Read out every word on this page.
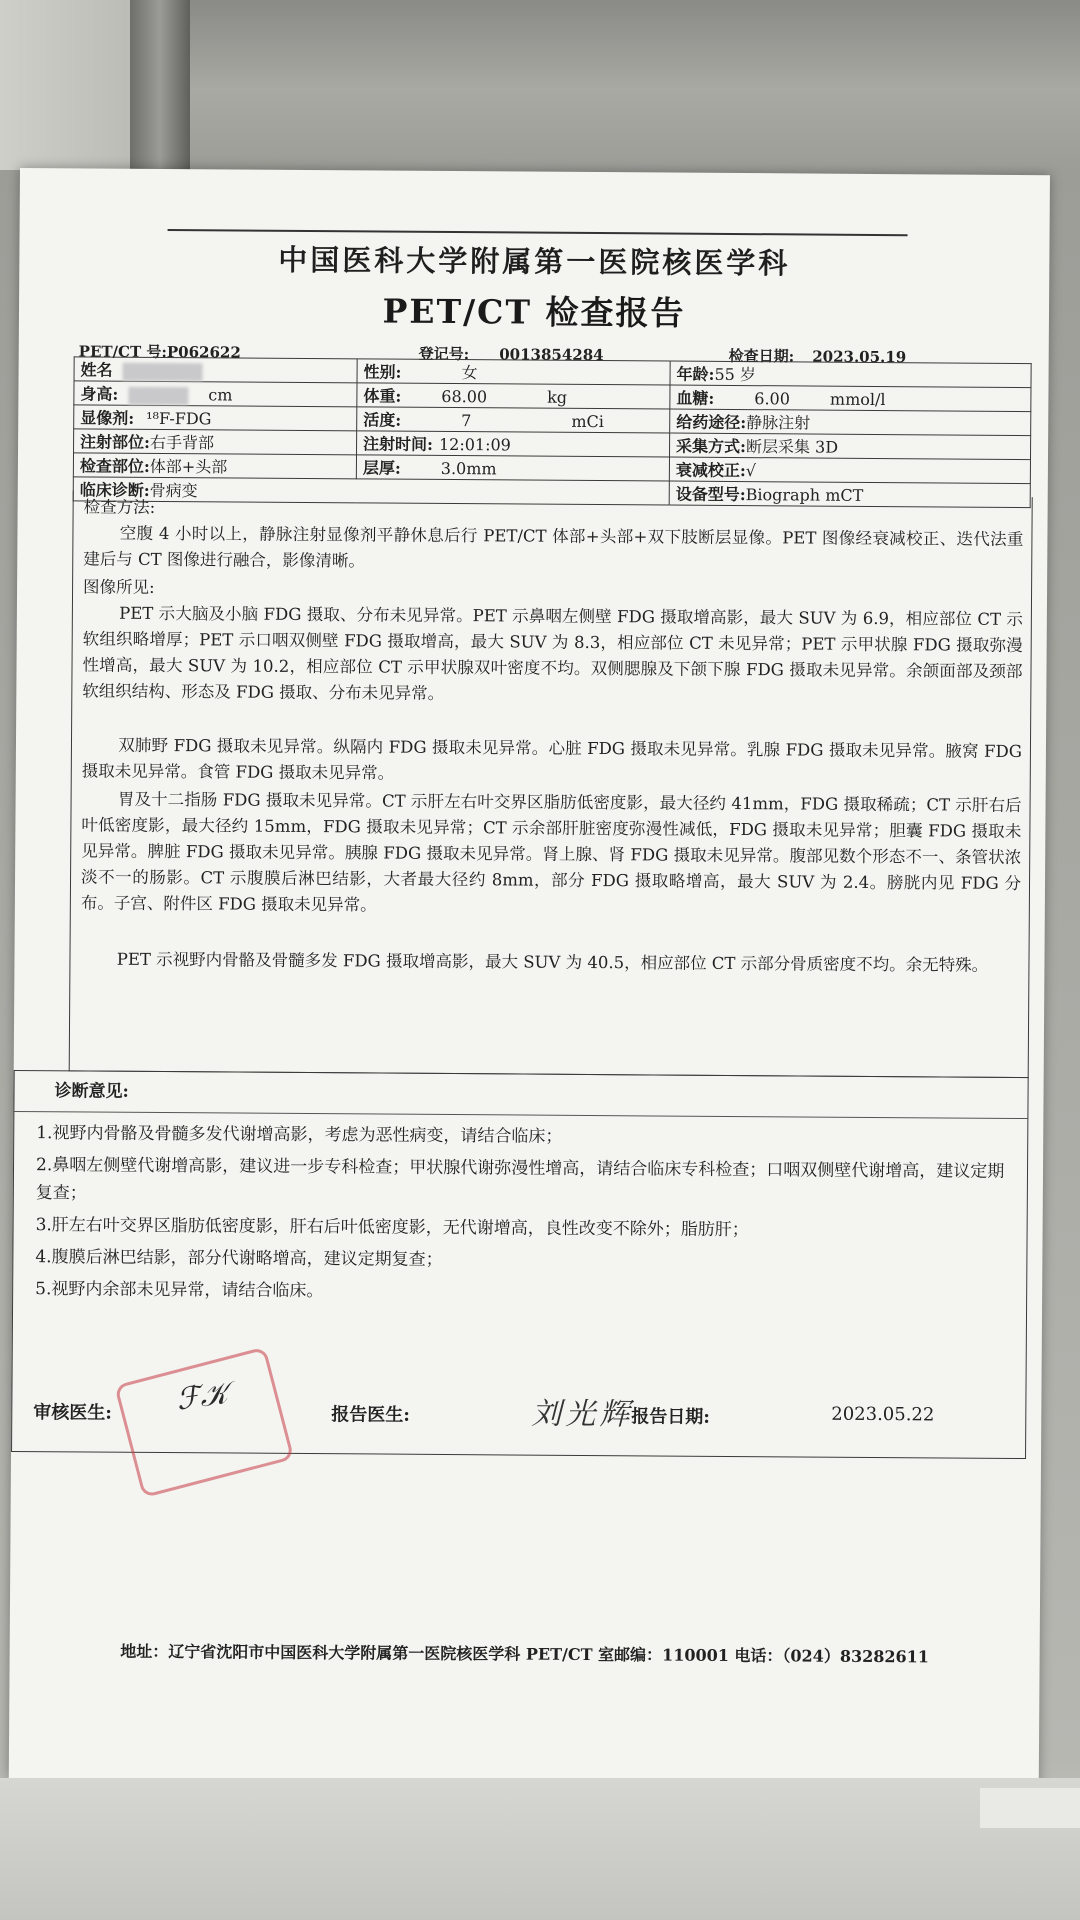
中国医科大学附属第一医院核医学科
PET/CT 检查报告
PET/CT 号:P062622	登记号: 0013854284	检查日期: 2023.05.19
姓名	性别: 女	年龄:55 岁
身高: cm	体重: 68.00 kg	血糖: 6.00 mmol/l
显像剂: ¹⁸F-FDG	活度: 7 mCi	给药途径:静脉注射
注射部位:右手背部	注射时间: 12:01:09	采集方式:断层采集 3D
检查部位:体部+头部	层厚: 3.0mm	衰减校正:√
临床诊断:骨病变		设备型号:Biograph mCT
检查方法:
空腹 4 小时以上，静脉注射显像剂平静休息后行 PET/CT 体部+头部+双下肢断层显像。PET 图像经衰减校正、迭代法重建后与 CT 图像进行融合，影像清晰。
图像所见:
PET 示大脑及小脑 FDG 摄取、分布未见异常。PET 示鼻咽左侧壁 FDG 摄取增高影，最大 SUV 为 6.9，相应部位 CT 示软组织略增厚；PET 示口咽双侧壁 FDG 摄取增高，最大 SUV 为 8.3，相应部位 CT 未见异常；PET 示甲状腺 FDG 摄取弥漫性增高，最大 SUV 为 10.2，相应部位 CT 示甲状腺双叶密度不均。双侧腮腺及下颌下腺 FDG 摄取未见异常。余颌面部及颈部软组织结构、形态及 FDG 摄取、分布未见异常。
双肺野 FDG 摄取未见异常。纵隔内 FDG 摄取未见异常。心脏 FDG 摄取未见异常。乳腺 FDG 摄取未见异常。腋窝 FDG 摄取未见异常。食管 FDG 摄取未见异常。
胃及十二指肠 FDG 摄取未见异常。CT 示肝左右叶交界区脂肪低密度影，最大径约 41mm，FDG 摄取稀疏；CT 示肝右后叶低密度影，最大径约 15mm，FDG 摄取未见异常；CT 示余部肝脏密度弥漫性减低，FDG 摄取未见异常；胆囊 FDG 摄取未见异常。脾脏 FDG 摄取未见异常。胰腺 FDG 摄取未见异常。肾上腺、肾 FDG 摄取未见异常。腹部见数个形态不一、条管状浓淡不一的肠影。CT 示腹膜后淋巴结影，大者最大径约 8mm，部分 FDG 摄取略增高，最大 SUV 为 2.4。膀胱内见 FDG 分布。子宫、附件区 FDG 摄取未见异常。
PET 示视野内骨骼及骨髓多发 FDG 摄取增高影，最大 SUV 为 40.5，相应部位 CT 示部分骨质密度不均。余无特殊。
诊断意见:
1.视野内骨骼及骨髓多发代谢增高影，考虑为恶性病变，请结合临床；
2.鼻咽左侧壁代谢增高影，建议进一步专科检查；甲状腺代谢弥漫性增高，请结合临床专科检查；口咽双侧壁代谢增高，建议定期复查；
3.肝左右叶交界区脂肪低密度影，肝右后叶低密度影，无代谢增高，良性改变不除外；脂肪肝；
4.腹膜后淋巴结影，部分代谢略增高，建议定期复查；
5.视野内余部未见异常，请结合临床。
审核医生: ℱ𝒦	报告医生:	刘光辉
报告日期:	2023.05.22
地址：辽宁省沈阳市中国医科大学附属第一医院核医学科 PET/CT 室邮编：110001 电话：（024）83282611
